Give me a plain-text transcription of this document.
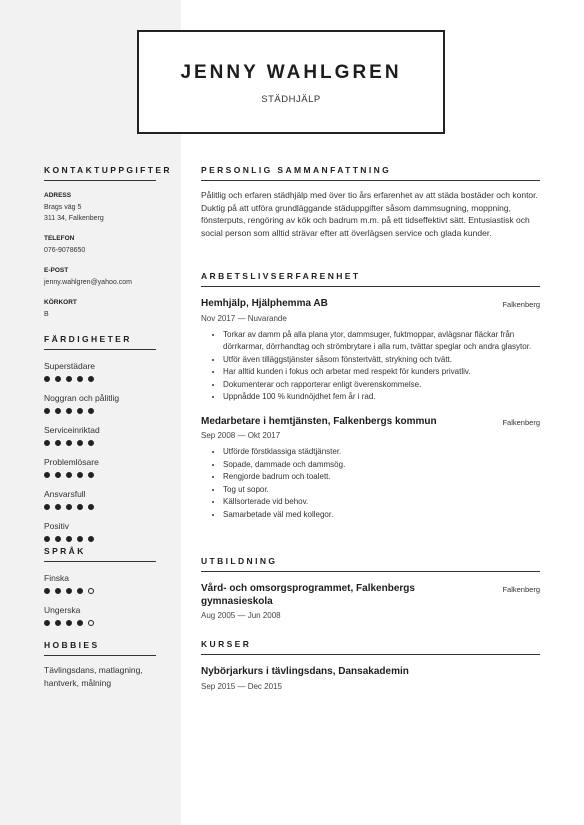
JENNY WAHLGREN
STÄDHJÄLP
KONTAKTUPPGIFTER
ADRESS
Brags väg 5
311 34, Falkenberg
TELEFON
076-9078650
E-POST
jenny.wahlgren@yahoo.com
KÖRKORT
B
FÄRDIGHETER
Superstädare
Noggran och pålitlig
Serviceinriktad
Problemlösare
Ansvarsfull
Positiv
SPRÅK
Finska
Ungerska
HOBBIES
Tävlingsdans, matlagning, hantverk, målning
PERSONLIG SAMMANFATTNING
Pålitlig och erfaren städhjälp med över tio års erfarenhet av att städa bostäder och kontor. Duktig på att utföra grundläggande städuppgifter såsom dammsugning, moppning, fönsterputs, rengöring av kök och badrum m.m. på ett tidseffektivt sätt. Entusiastisk och social person som alltid strävar efter att överlägsen service och glada kunder.
ARBETSLIVSERFARENHET
Hemhjälp, Hjälphemma AB	Falkenberg
Nov 2017 — Nuvarande
• Torkar av damm på alla plana ytor, dammsuger, fuktmoppar, avlägsnar fläckar från dörrkarmar, dörrhandtag och strömbrytare i alla rum, tvättar speglar och andra glasytor.
• Utför även tilläggstjänster såsom fönstertvätt, strykning och tvätt.
• Har alltid kunden i fokus och arbetar med respekt för kunders privatliv.
• Dokumenterar och rapporterar enligt överenskommelse.
• Uppnådde 100 % kundnöjdhet fem år i rad.
Medarbetare i hemtjänsten, Falkenbergs kommun	Falkenberg
Sep 2008 — Okt 2017
• Utförde förstklassiga städtjänster.
• Sopade, dammade och dammsög.
• Rengjorde badrum och toalett.
• Tog ut sopor.
• Källsorterade vid behov.
• Samarbetade väl med kollegor.
UTBILDNING
Vård- och omsorgsprogrammet, Falkenbergs gymnasieskola
Falkenberg
Aug 2005 — Jun 2008
KURSER
Nybörjarkurs i tävlingsdans, Dansakademin
Sep 2015 — Dec 2015
